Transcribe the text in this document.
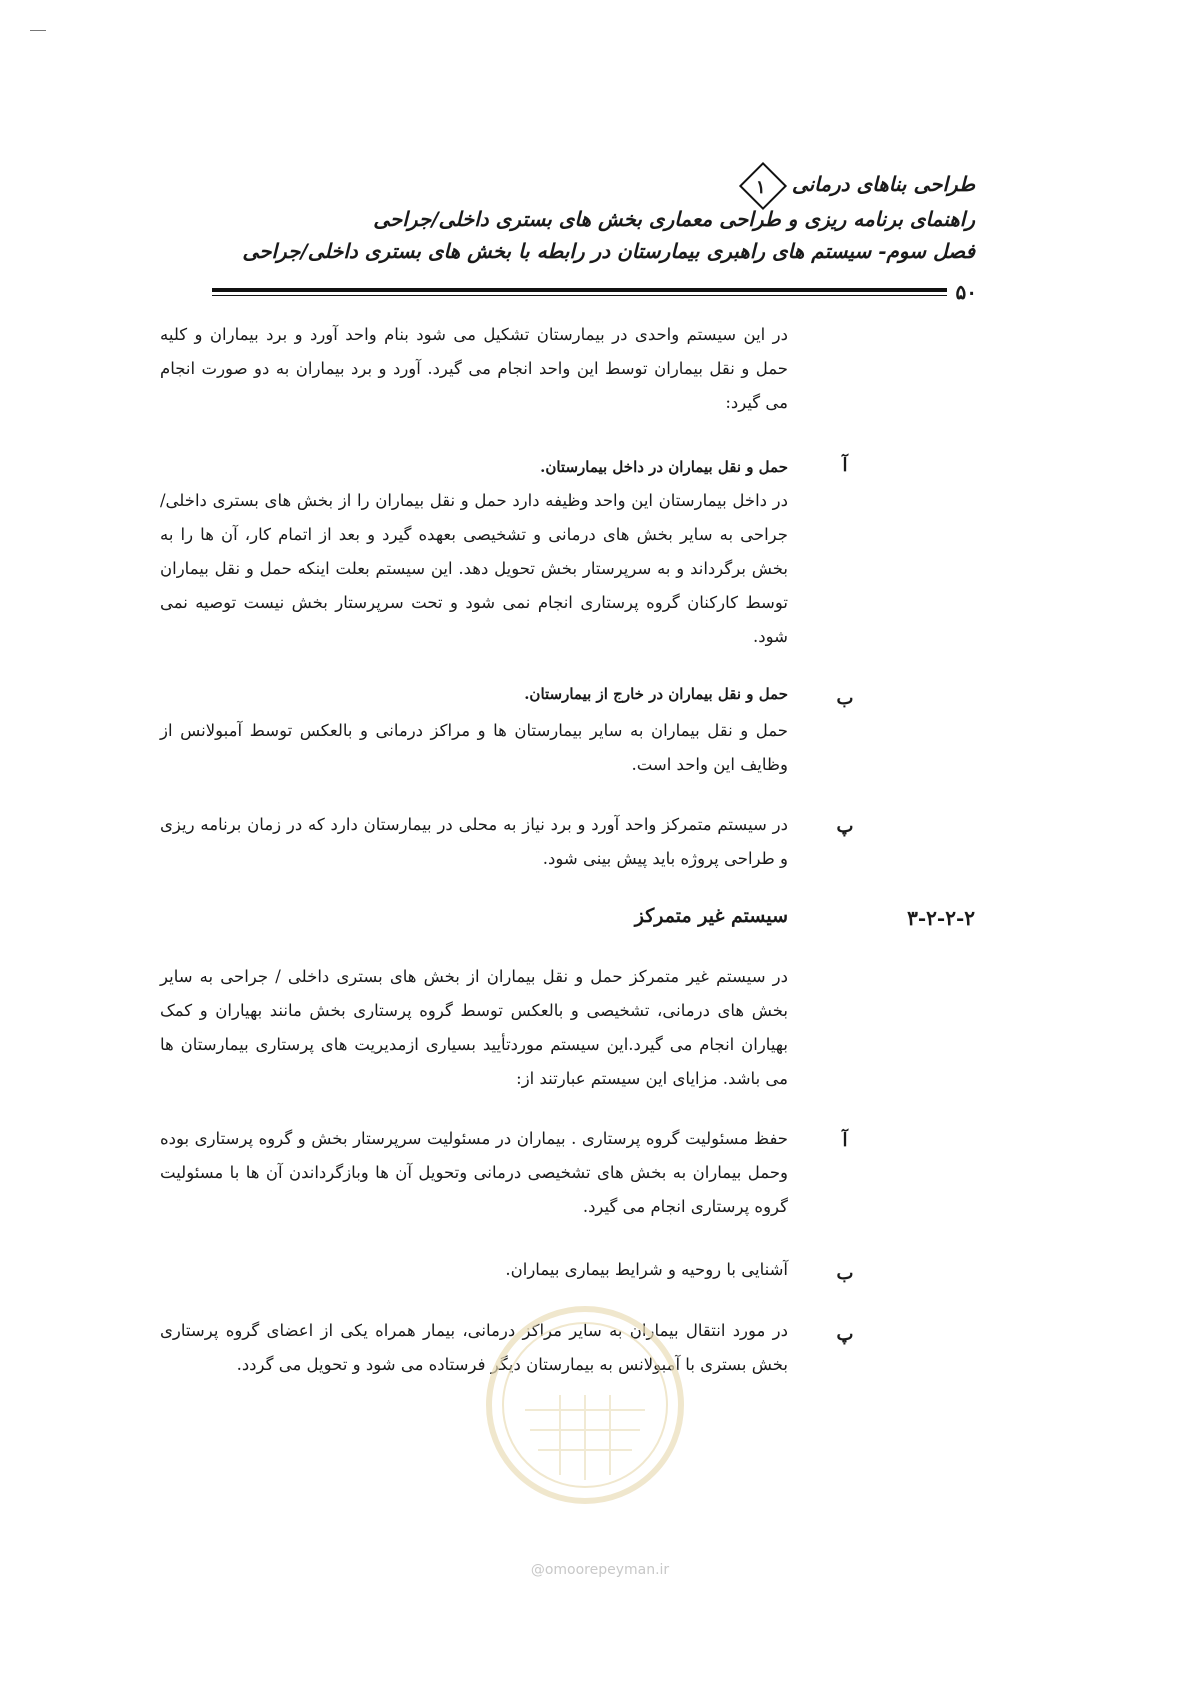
طراحی بناهای درمانی۱
راهنمای برنامه ریزی و طراحی معماری بخش های بستری داخلی/جراحی
فصل سوم- سیستم های راهبری بیمارستان در رابطه با بخش های بستری داخلی/جراحی
۵۰
در این سیستم واحدی در بیمارستان تشکیل می شود بنام واحد آورد و برد بیماران و کلیه حمل و نقل بیماران توسط این واحد انجام می گیرد. آورد و برد بیماران به دو صورت انجام می گیرد:
آ
حمل و نقل بیماران در داخل بیمارستان.
در داخل بیمارستان این واحد وظیفه دارد حمل و نقل بیماران را از بخش های بستری داخلی/جراحی به سایر بخش های درمانی و تشخیصی بعهده گیرد و بعد از اتمام کار، آن ها را به بخش برگرداند و به سرپرستار بخش تحویل دهد. این سیستم بعلت اینکه حمل و نقل بیماران توسط کارکنان گروه پرستاری انجام نمی شود و تحت سرپرستار بخش نیست توصیه نمی شود.
ب
حمل و نقل بیماران در خارج از بیمارستان.
حمل و نقل بیماران به سایر بیمارستان ها و مراکز درمانی و بالعکس توسط آمبولانس از وظایف این واحد است.
پ
در سیستم متمرکز واحد آورد و برد نیاز به محلی در بیمارستان دارد که در زمان برنامه ریزی و طراحی پروژه باید پیش بینی شود.
۳-۲-۲-۲
سیستم غیر متمرکز
در سیستم غیر متمرکز حمل و نقل بیماران از بخش های بستری داخلی / جراحی به سایر بخش های درمانی، تشخیصی و بالعکس توسط گروه پرستاری بخش مانند بهیاران و کمک بهیاران انجام می گیرد.این سیستم موردتأیید بسیاری ازمدیریت های پرستاری بیمارستان ها می باشد. مزایای این سیستم عبارتند از:
آ
حفظ مسئولیت گروه پرستاری . بیماران در مسئولیت سرپرستار بخش و گروه پرستاری بوده وحمل بیماران به بخش های تشخیصی درمانی وتحویل آن ها وبازگرداندن آن ها با مسئولیت گروه پرستاری انجام می گیرد.
ب
آشنایی با روحیه و شرایط بیماری بیماران.
پ
در مورد انتقال بیماران به سایر مراکز درمانی، بیمار همراه یکی از اعضای گروه پرستاری بخش بستری با آمبولانس به بیمارستان دیگر فرستاده می شود و تحویل می گردد.
@omoorepeyman.ir
